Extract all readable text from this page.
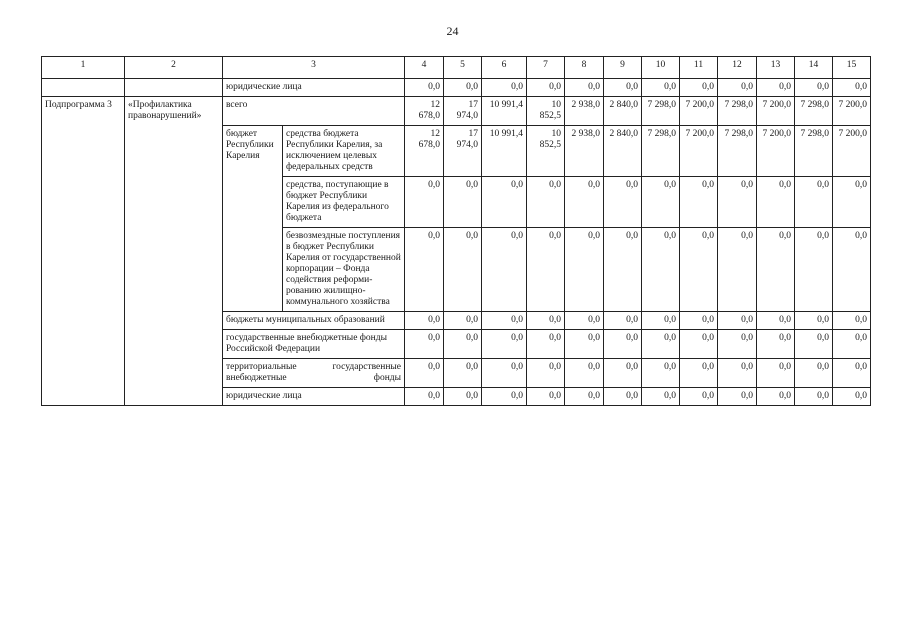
24
1	2	3		4	5	6	7	8	9	10	11	12	13	14	15
		юридические лица		0,0	0,0	0,0	0,0	0,0	0,0	0,0	0,0	0,0	0,0	0,0	0,0
Подпрограмма 3	«Профилактика правонарушений»	всего		12 678,0	17 974,0	10 991,4	10 852,5	2 938,0	2 840,0	7 298,0	7 200,0	7 298,0	7 200,0	7 298,0	7 200,0
		бюджет Республики Карелия	средства бюджета Республики Карелия, за исключением целевых федеральных средств	12 678,0	17 974,0	10 991,4	10 852,5	2 938,0	2 840,0	7 298,0	7 200,0	7 298,0	7 200,0	7 298,0	7 200,0
			средства, поступающие в бюджет Республики Карелия из федерального бюджета	0,0	0,0	0,0	0,0	0,0	0,0	0,0	0,0	0,0	0,0	0,0	0,0
			безвозмездные поступления в бюджет Республики Карелия от государственной корпорации – Фонда содействия реформи-рованию жилищно-коммунального хозяйства	0,0	0,0	0,0	0,0	0,0	0,0	0,0	0,0	0,0	0,0	0,0	0,0
		бюджеты муниципальных образований		0,0	0,0	0,0	0,0	0,0	0,0	0,0	0,0	0,0	0,0	0,0	0,0
		государственные внебюджетные фонды Российской Федерации		0,0	0,0	0,0	0,0	0,0	0,0	0,0	0,0	0,0	0,0	0,0	0,0
		территориальные государственные внебюджетные фонды		0,0	0,0	0,0	0,0	0,0	0,0	0,0	0,0	0,0	0,0	0,0	0,0
		юридические лица		0,0	0,0	0,0	0,0	0,0	0,0	0,0	0,0	0,0	0,0	0,0	0,0
